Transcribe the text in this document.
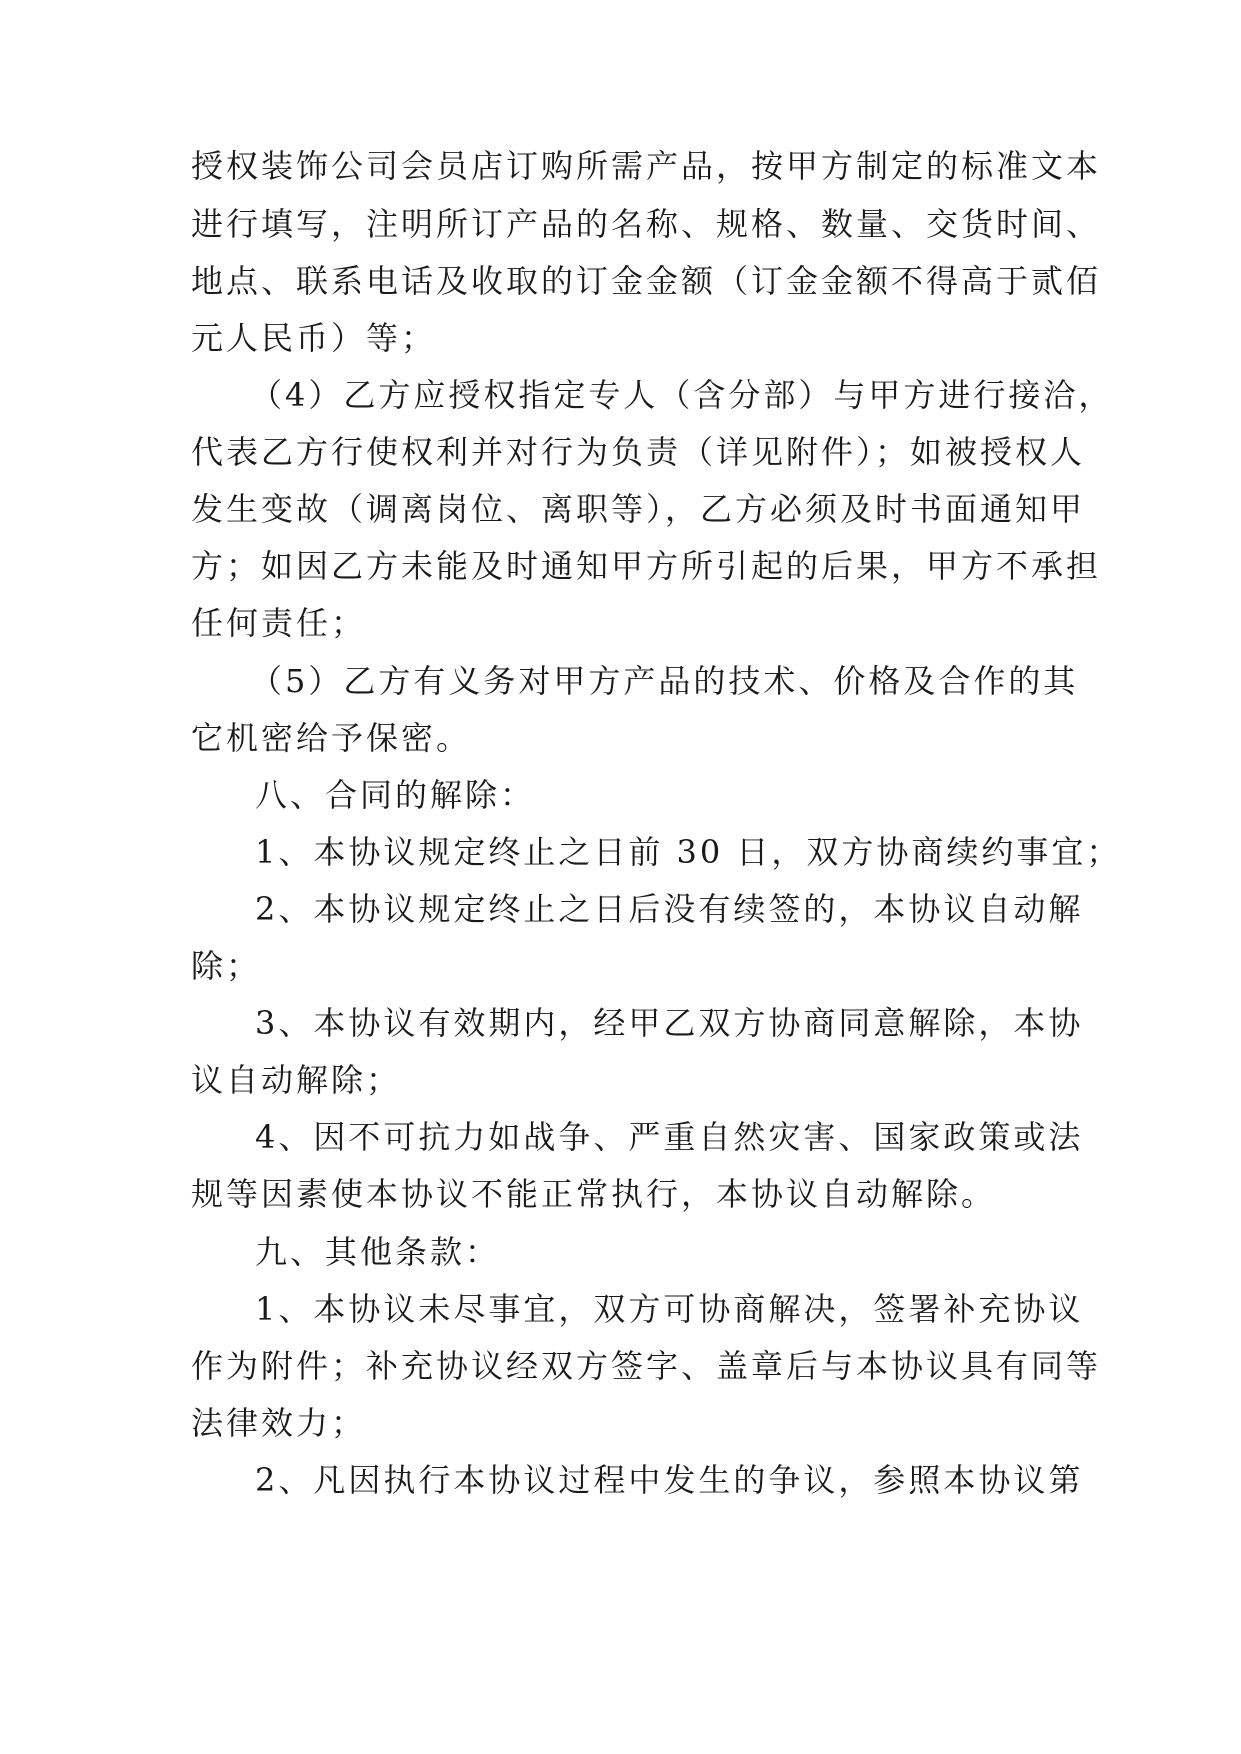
授权装饰公司会员店订购所需产品，按甲方制定的标准文本
进行填写，注明所订产品的名称、规格、数量、交货时间、
地点、联系电话及收取的订金金额（订金金额不得高于贰佰
元人民币）等；
（4）乙方应授权指定专人（含分部）与甲方进行接洽，
代表乙方行使权利并对行为负责（详见附件）；如被授权人
发生变故（调离岗位、离职等），乙方必须及时书面通知甲
方；如因乙方未能及时通知甲方所引起的后果，甲方不承担
任何责任；
（5）乙方有义务对甲方产品的技术、价格及合作的其
它机密给予保密。
八、合同的解除：
1、本协议规定终止之日前 30 日，双方协商续约事宜；
2、本协议规定终止之日后没有续签的，本协议自动解
除；
3、本协议有效期内，经甲乙双方协商同意解除，本协
议自动解除；
4、因不可抗力如战争、严重自然灾害、国家政策或法
规等因素使本协议不能正常执行，本协议自动解除。
九、其他条款：
1、本协议未尽事宜，双方可协商解决，签署补充协议
作为附件；补充协议经双方签字、盖章后与本协议具有同等
法律效力；
2、凡因执行本协议过程中发生的争议，参照本协议第
